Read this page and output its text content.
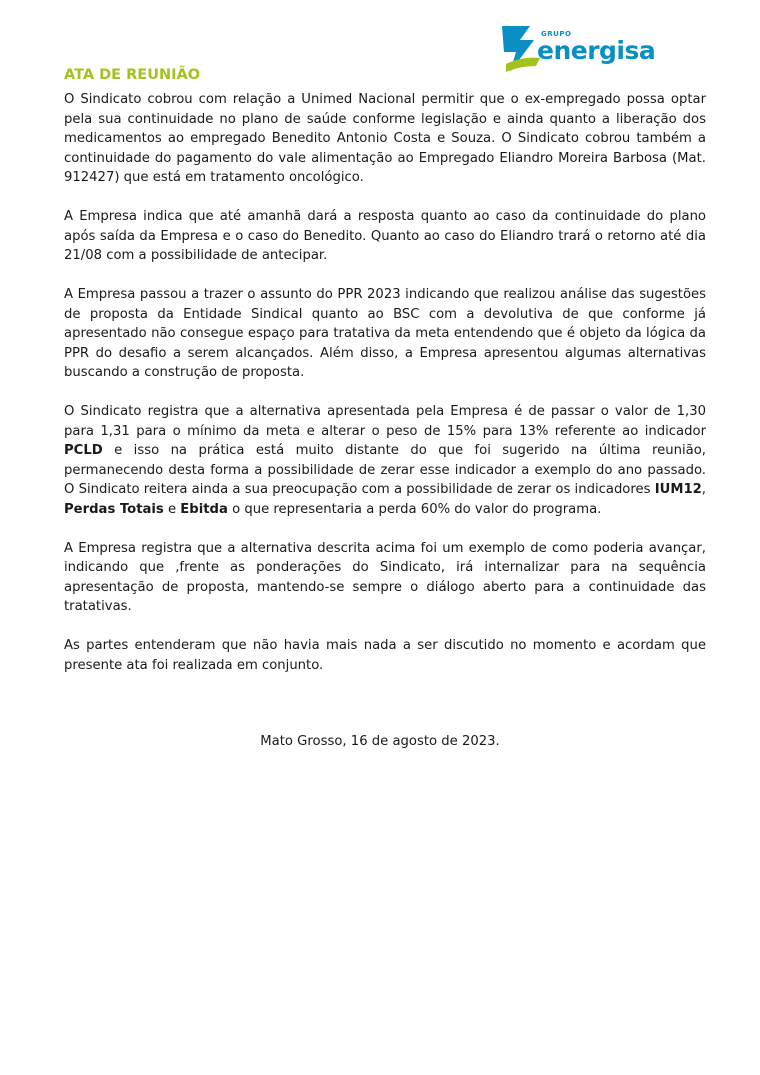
GRUPO
energisa
ATA DE REUNIÃO

O Sindicato cobrou com relação a Unimed Nacional permitir que o ex-empregado possa optar pela sua continuidade no plano de saúde conforme legislação e ainda quanto a liberação dos medicamentos ao empregado Benedito Antonio Costa e Souza. O Sindicato cobrou também a continuidade do pagamento do vale alimentação ao Empregado Eliandro Moreira Barbosa (Mat. 912427) que está em tratamento oncológico.

A Empresa indica que até amanhã dará a resposta quanto ao caso da continuidade do plano após saída da Empresa e o caso do Benedito. Quanto ao caso do Eliandro trará o retorno até dia 21/08 com a possibilidade de antecipar.

A Empresa passou a trazer o assunto do PPR 2023 indicando que realizou análise das sugestões de proposta da Entidade Sindical quanto ao BSC com a devolutiva de que conforme já apresentado não consegue espaço para tratativa da meta entendendo que é objeto da lógica da PPR do desafio a serem alcançados. Além disso, a Empresa apresentou algumas alternativas buscando a construção de proposta.

O Sindicato registra que a alternativa apresentada pela Empresa é de passar o valor de 1,30 para 1,31 para o mínimo da meta e alterar o peso de 15% para 13% referente ao indicador PCLD e isso na prática está muito distante do que foi sugerido na última reunião, permanecendo desta forma a possibilidade de zerar esse indicador a exemplo do ano passado. O Sindicato reitera ainda a sua preocupação com a possibilidade de zerar os indicadores IUM12, Perdas Totais e Ebitda o que representaria a perda 60% do valor do programa.

A Empresa registra que a alternativa descrita acima foi um exemplo de como poderia avançar, indicando que ,frente as ponderações do Sindicato, irá internalizar para na sequência apresentação de proposta, mantendo-se sempre o diálogo aberto para a continuidade das tratativas.

As partes entenderam que não havia mais nada a ser discutido no momento e acordam que presente ata foi realizada em conjunto.

Mato Grosso, 16 de agosto de 2023.
